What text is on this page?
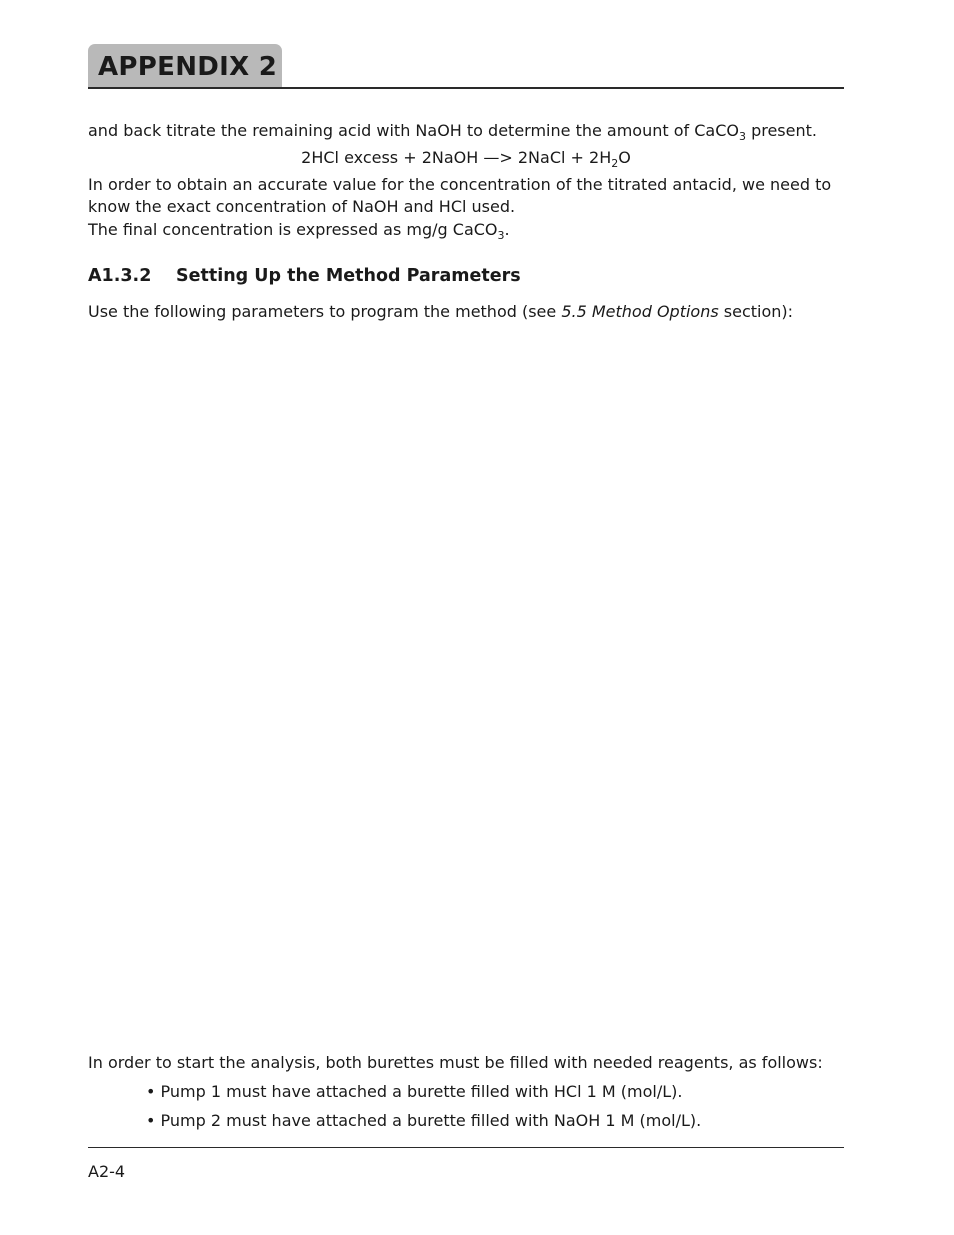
APPENDIX 2
and back titrate the remaining acid with NaOH to determine the amount of CaCO$_3$ present.
2HCl excess + 2NaOH —> 2NaCl + $2H_2O$
In order to obtain an accurate value for the concentration of the titrated antacid, we need to
know the exact concentration of NaOH and HCl used.
The final concentration is expressed as mg/g CaCO$_3$.
A1.3.2 Setting Up the Method Parameters
Use the following parameters to program the method (see 5.5 Method Options section):
In order to start the analysis, both burettes must be filled with needed reagents, as follows:
• Pump 1 must have attached a burette filled with HCl 1 M (mol/L).
• Pump 2 must have attached a burette filled with NaOH 1 M (mol/L).
A2-4
